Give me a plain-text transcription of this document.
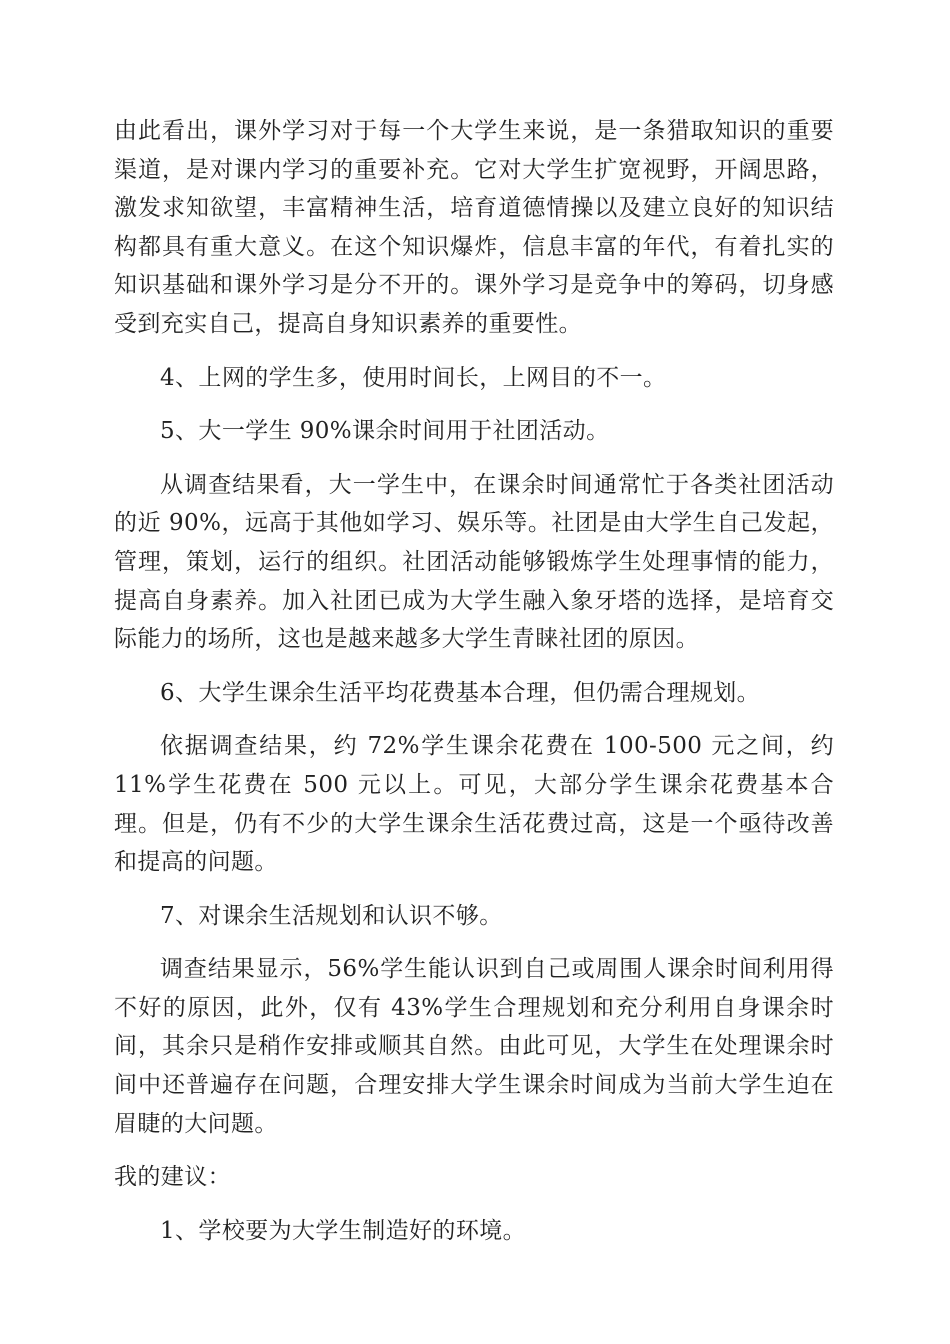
由此看出，课外学习对于每一个大学生来说，是一条猎取知识的重要渠道，是对课内学习的重要补充。它对大学生扩宽视野，开阔思路，激发求知欲望，丰富精神生活，培育道德情操以及建立良好的知识结构都具有重大意义。在这个知识爆炸，信息丰富的年代，有着扎实的知识基础和课外学习是分不开的。课外学习是竞争中的筹码，切身感受到充实自己，提高自身知识素养的重要性。

4、上网的学生多，使用时间长，上网目的不一。

5、大一学生 90%课余时间用于社团活动。

从调查结果看，大一学生中，在课余时间通常忙于各类社团活动的近 90%，远高于其他如学习、娱乐等。社团是由大学生自己发起，管理，策划，运行的组织。社团活动能够锻炼学生处理事情的能力，提高自身素养。加入社团已成为大学生融入象牙塔的选择，是培育交际能力的场所，这也是越来越多大学生青睐社团的原因。

6、大学生课余生活平均花费基本合理，但仍需合理规划。

依据调查结果，约 72%学生课余花费在 100-500 元之间，约 11%学生花费在 500 元以上。可见，大部分学生课余花费基本合理。但是，仍有不少的大学生课余生活花费过高，这是一个亟待改善和提高的问题。

7、对课余生活规划和认识不够。

调查结果显示，56%学生能认识到自己或周围人课余时间利用得不好的原因，此外，仅有 43%学生合理规划和充分利用自身课余时间，其余只是稍作安排或顺其自然。由此可见，大学生在处理课余时间中还普遍存在问题，合理安排大学生课余时间成为当前大学生迫在眉睫的大问题。

我的建议：

1、学校要为大学生制造好的环境。
